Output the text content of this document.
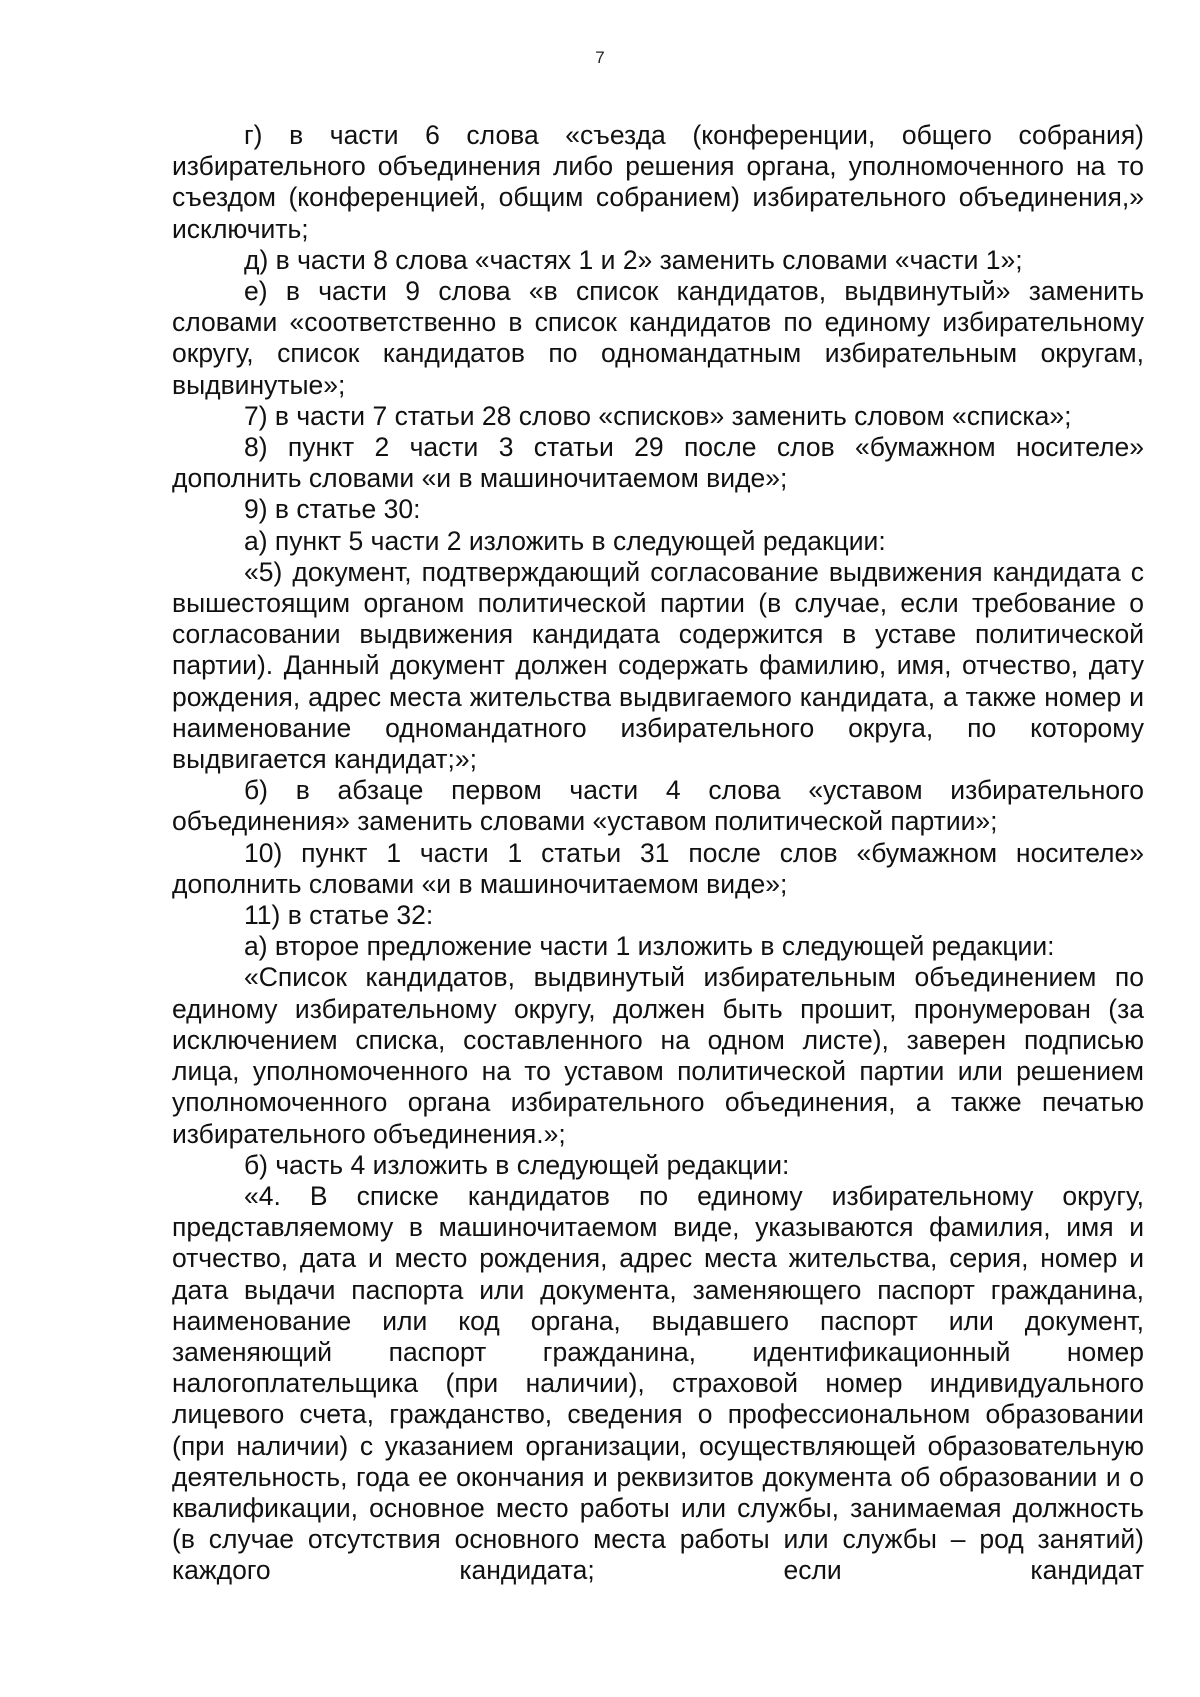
7

г) в части 6 слова «съезда (конференции, общего собрания) избирательного объединения либо решения органа, уполномоченного на то съездом (конференцией, общим собранием) избирательного объединения,» исключить;

д) в части 8 слова «частях 1 и 2» заменить словами «части 1»;

е) в части 9 слова «в список кандидатов, выдвинутый» заменить словами «соответственно в список кандидатов по единому избирательному округу, список кандидатов по одномандатным избирательным округам, выдвинутые»;

7) в части 7 статьи 28 слово «списков» заменить словом «списка»;

8) пункт 2 части 3 статьи 29 после слов «бумажном носителе» дополнить словами «и в машиночитаемом виде»;

9) в статье 30:

а) пункт 5 части 2 изложить в следующей редакции:

«5) документ, подтверждающий согласование выдвижения кандидата с вышестоящим органом политической партии (в случае, если требование о согласовании выдвижения кандидата содержится в уставе политической партии). Данный документ должен содержать фамилию, имя, отчество, дату рождения, адрес места жительства выдвигаемого кандидата, а также номер и наименование одномандатного избирательного округа, по которому выдвигается кандидат;»;

б) в абзаце первом части 4 слова «уставом избирательного объединения» заменить словами «уставом политической партии»;

10) пункт 1 части 1 статьи 31 после слов «бумажном носителе» дополнить словами «и в машиночитаемом виде»;

11) в статье 32:

а) второе предложение части 1 изложить в следующей редакции:

«Список кандидатов, выдвинутый избирательным объединением по единому избирательному округу, должен быть прошит, пронумерован (за исключением списка, составленного на одном листе), заверен подписью лица, уполномоченного на то уставом политической партии или решением уполномоченного органа избирательного объединения, а также печатью избирательного объединения.»;

б) часть 4 изложить в следующей редакции:

«4. В списке кандидатов по единому избирательному округу, представляемому в машиночитаемом виде, указываются фамилия, имя и отчество, дата и место рождения, адрес места жительства, серия, номер и дата выдачи паспорта или документа, заменяющего паспорт гражданина, наименование или код органа, выдавшего паспорт или документ, заменяющий паспорт гражданина, идентификационный номер налогоплательщика (при наличии), страховой номер индивидуального лицевого счета, гражданство, сведения о профессиональном образовании (при наличии) с указанием организации, осуществляющей образовательную деятельность, года ее окончания и реквизитов документа об образовании и о квалификации, основное место работы или службы, занимаемая должность (в случае отсутствия основного места работы или службы – род занятий) каждого кандидата; если кандидат
